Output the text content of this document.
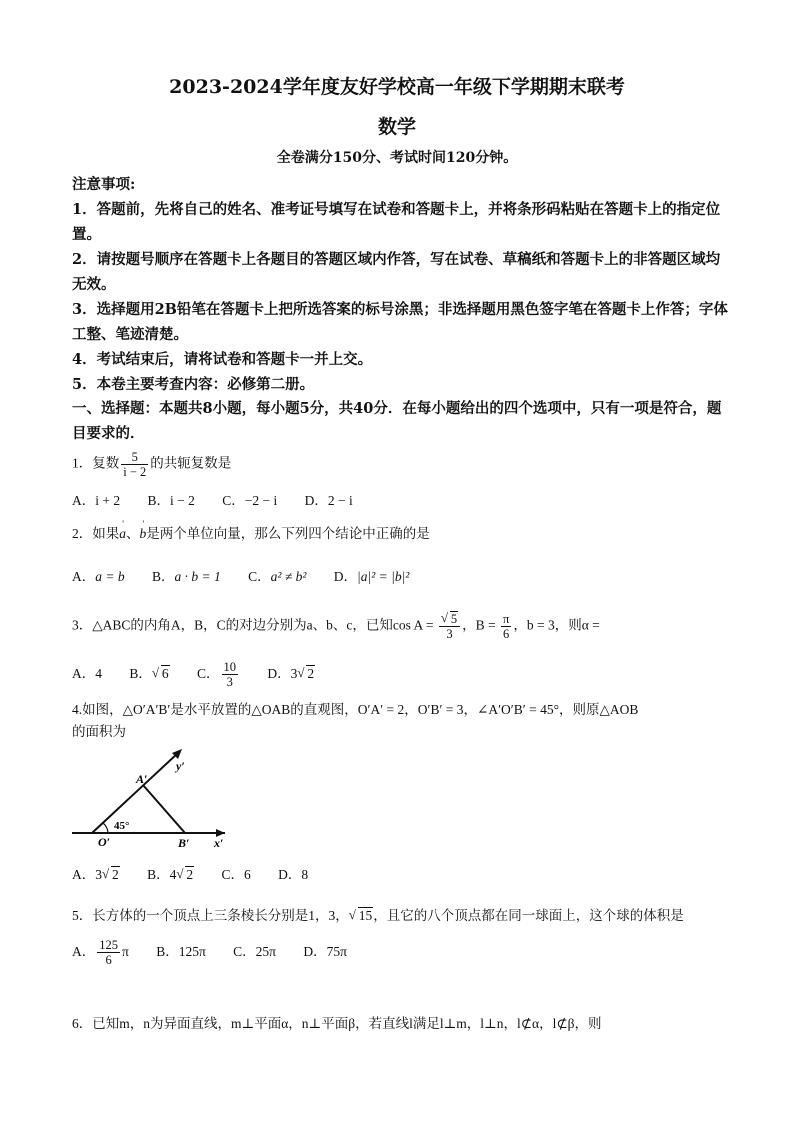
2023-2024学年度友好学校高一年级下学期期末联考
数学
全卷满分150分、考试时间120分钟。

注意事项:

1．答题前，先将自己的姓名、准考证号填写在试卷和答题卡上，并将条形码粘贴在答题卡上的指定位置。

2．请按题号顺序在答题卡上各题目的答题区域内作答，写在试卷、草稿纸和答题卡上的非答题区域均无效。

3．选择题用2B铅笔在答题卡上把所选答案的标号涂黑；非选择题用黑色签字笔在答题卡上作答；字体工整、笔迹清楚。

4．考试结束后，请将试卷和答题卡一并上交。

5．本卷主要考查内容：必修第二册。

一、选择题：本题共8小题，每小题5分，共40分．在每小题给出的四个选项中，只有一项是符合，题目要求的．
1．复数 $\frac{5}{i - 2}$ 的共轭复数是
A．i + 2 B．i − 2 C．−2 − i D．2 − i
2．如果' a、' b是两个单位向量，那么下列四个结论中正确的是
A．a = b B．a · b = 1 C．a² ≠ b² D．|a|² = |b|²
3．△ABC的内角A，B，C的对边分别为a、b、c，已知cos A = √ $\frac{5}{3}$ ，$B = \frac{\pi}{6}$ ，b = 3，则α =
A．4 B． √ 6 C． $\frac{10}{3}$ D．3 √ 2
4.如图，△O′A′B′是水平放置的△OAB的直观图，O′A′ = 2，O′B′ = 3，∠A′O′B′ = 45°，则原△AOB
的面积为
y′
x′
A′
O′	B′
45°
A．3 √ 2 B．4 √ 2 C．6 D．8
5．长方体的一个顶点上三条棱长分别是1，3， √ 15，且它的八个顶点都在同一球面上，这个球的体积是
A． $\frac{125}{6}$ π B．125π C．25π D．75π
6．已知m，n为异面直线，m⊥平面α，n⊥平面β，若直线l满足l⊥m，l⊥n，l⊄α，l⊄β，则
